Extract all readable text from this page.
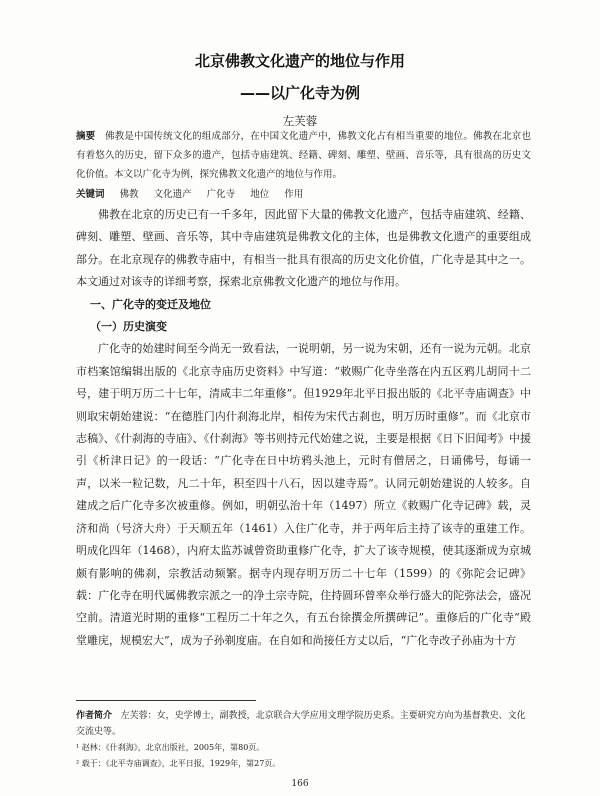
北京佛教文化遗产的地位与作用
——以广化寺为例
左芙蓉
摘要 佛教是中国传统文化的组成部分，在中国文化遗产中，佛教文化占有相当重要的地位。佛教在北京也有着悠久的历史，留下众多的遗产，包括寺庙建筑、经籍、碑刻、雕塑、壁画、音乐等，具有很高的历史文化价值。本文以广化寺为例，探究佛教文化遗产的地位与作用。
关键词 佛教 文化遗产 广化寺 地位 作用

佛教在北京的历史已有一千多年，因此留下大量的佛教文化遗产，包括寺庙建筑、经籍、碑刻、雕塑、壁画、音乐等，其中寺庙建筑是佛教文化的主体，也是佛教文化遗产的重要组成部分。在北京现存的佛教寺庙中，有相当一批具有很高的历史文化价值，广化寺是其中之一。本文通过对该寺的详细考察，探索北京佛教文化遗产的地位与作用。

一、广化寺的变迁及地位
（一）历史演变

广化寺的始建时间至今尚无一致看法，一说明朝，另一说为宋朝，还有一说为元朝。北京市档案馆编辑出版的《北京寺庙历史资料》中写道：“敕赐广化寺坐落在内五区鸦儿胡同十二号，建于明万历二十七年，清咸丰二年重修”。但1929年北平日报出版的《北平寺庙调查》中则取宋朝始建说：“在德胜门内什刹海北岸，相传为宋代古刹也，明万历时重修”。而《北京市志稿》、《什刹海的寺庙》、《什刹海》等书则持元代始建之说，主要是根据《日下旧闻考》中援引《析津日记》的一段话：“广化寺在日中坊鸦头池上，元时有僧居之，日诵佛号，每诵一声，以米一粒记数，凡二十年，积至四十八石，因以建寺焉”。认同元朝始建说的人较多。自建成之后广化寺多次被重修。例如，明朝弘治十年（1497）所立《敕赐广化寺记碑》载，灵济和尚（号济大舟）于天顺五年（1461）入住广化寺，并于两年后主持了该寺的重建工作。明成化四年（1468），内府太监苏诚曾资助重修广化寺，扩大了该寺规模，使其逐渐成为京城颇有影响的佛刹，宗教活动频繁。据寺内现存明万历二十七年（1599）的《弥陀会记碑》载：广化寺在明代属佛教宗派之一的净土宗寺院，住持圆环曾率众举行盛大的陀弥法会，盛况空前。清道光时期的重修“工程历二十年之久，有五台徐撰金所撰碑记”。重修后的广化寺“殿堂雕庑，规模宏大”，成为子孙剃度庙。在自如和尚接任方丈以后，“广化寺改子孙庙为十方

作者简介 左芙蓉：女，史学博士，副教授，北京联合大学应用文理学院历史系。主要研究方向为基督教史、文化交流史等。
¹ 赵林：《什刹海》，北京出版社，2005年，第80页。
² 载于：《北平寺庙调查》，北平日报，1929年，第27页。
166
